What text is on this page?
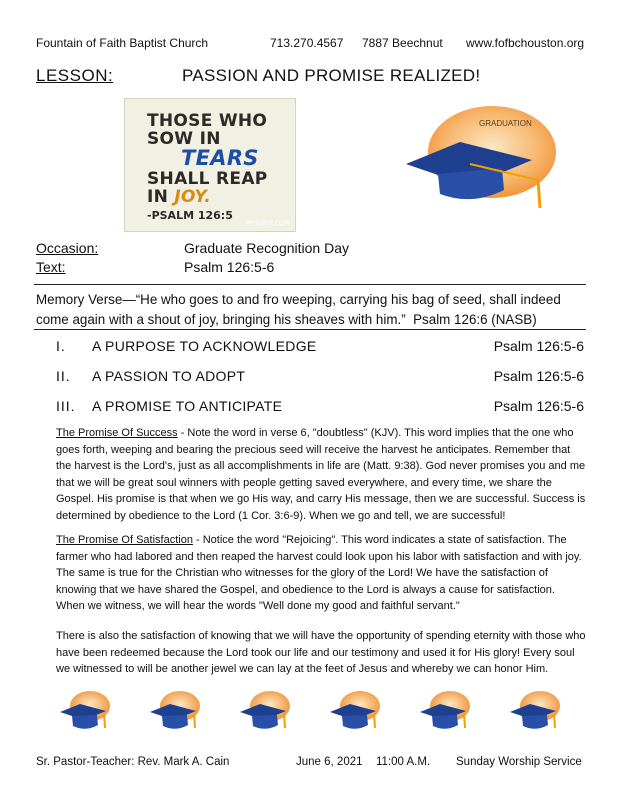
Fountain of Faith Baptist Church	713.270.4567 7887 Beechnut www.fofbchouston.org
LESSON:	PASSION AND PROMISE REALIZED!
THOSE WHO
SOW IN
TEARS
SHALL REAP
IN JOY.
-PSALM 126:5
MYBIBLE.COM
GRADUATION
Occasion:	Graduate Recognition Day
Text:	Psalm 126:5-6
Memory Verse—“He who goes to and fro weeping, carrying his bag of seed, shall indeed come again with a shout of joy, bringing his sheaves with him.” Psalm 126:6 (NASB)
I. A PURPOSE TO ACKNOWLEDGE	Psalm 126:5-6
II. A PASSION TO ADOPT	Psalm 126:5-6
III. A PROMISE TO ANTICIPATE	Psalm 126:5-6
The Promise Of Success - Note the word in verse 6, "doubtless" (KJV). This word implies that the one who goes forth, weeping and bearing the precious seed will receive the harvest he anticipates. Remember that the harvest is the Lord's, just as all accomplishments in life are (Matt. 9:38). God never promises you and me that we will be great soul winners with people getting saved everywhere, and every time, we share the Gospel. His promise is that when we go His way, and carry His message, then we are successful. Success is determined by obedience to the Lord (1 Cor. 3:6-9). When we go and tell, we are successful!
The Promise Of Satisfaction - Notice the word "Rejoicing". This word indicates a state of satisfaction. The farmer who had labored and then reaped the harvest could look upon his labor with satisfaction and with joy. The same is true for the Christian who witnesses for the glory of the Lord! We have the satisfaction of knowing that we have shared the Gospel, and obedience to the Lord is always a cause for satisfaction. When we witness, we will hear the words "Well done my good and faithful servant."
There is also the satisfaction of knowing that we will have the opportunity of spending eternity with those who have been redeemed because the Lord took our life and our testimony and used it for His glory! Every soul we witnessed to will be another jewel we can lay at the feet of Jesus and whereby we can honor Him.
Sr. Pastor-Teacher: Rev. Mark A. Cain	June 6, 2021 11:00 A.M. Sunday Worship Service
